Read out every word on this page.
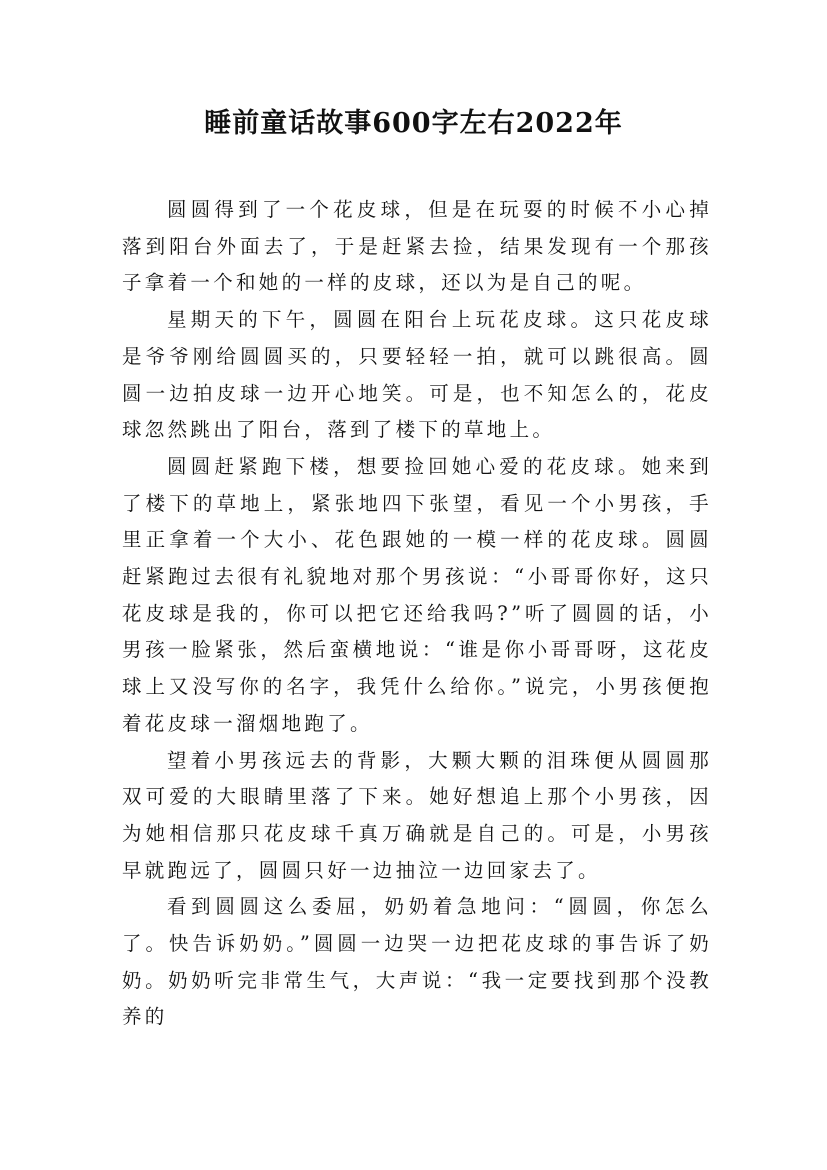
睡前童话故事600字左右2022年

圆圆得到了一个花皮球，但是在玩耍的时候不小心掉落到阳台外面去了，于是赶紧去捡，结果发现有一个那孩子拿着一个和她的一样的皮球，还以为是自己的呢。

星期天的下午，圆圆在阳台上玩花皮球。这只花皮球是爷爷刚给圆圆买的，只要轻轻一拍，就可以跳很高。圆圆一边拍皮球一边开心地笑。可是，也不知怎么的，花皮球忽然跳出了阳台，落到了楼下的草地上。

圆圆赶紧跑下楼，想要捡回她心爱的花皮球。她来到了楼下的草地上，紧张地四下张望，看见一个小男孩，手里正拿着一个大小、花色跟她的一模一样的花皮球。圆圆赶紧跑过去很有礼貌地对那个男孩说：“小哥哥你好，这只花皮球是我的，你可以把它还给我吗?”听了圆圆的话，小男孩一脸紧张，然后蛮横地说：“谁是你小哥哥呀，这花皮球上又没写你的名字，我凭什么给你。”说完，小男孩便抱着花皮球一溜烟地跑了。

望着小男孩远去的背影，大颗大颗的泪珠便从圆圆那双可爱的大眼睛里落了下来。她好想追上那个小男孩，因为她相信那只花皮球千真万确就是自己的。可是，小男孩早就跑远了，圆圆只好一边抽泣一边回家去了。

看到圆圆这么委屈，奶奶着急地问：“圆圆，你怎么了。快告诉奶奶。”圆圆一边哭一边把花皮球的事告诉了奶奶。奶奶听完非常生气，大声说：“我一定要找到那个没教养的
